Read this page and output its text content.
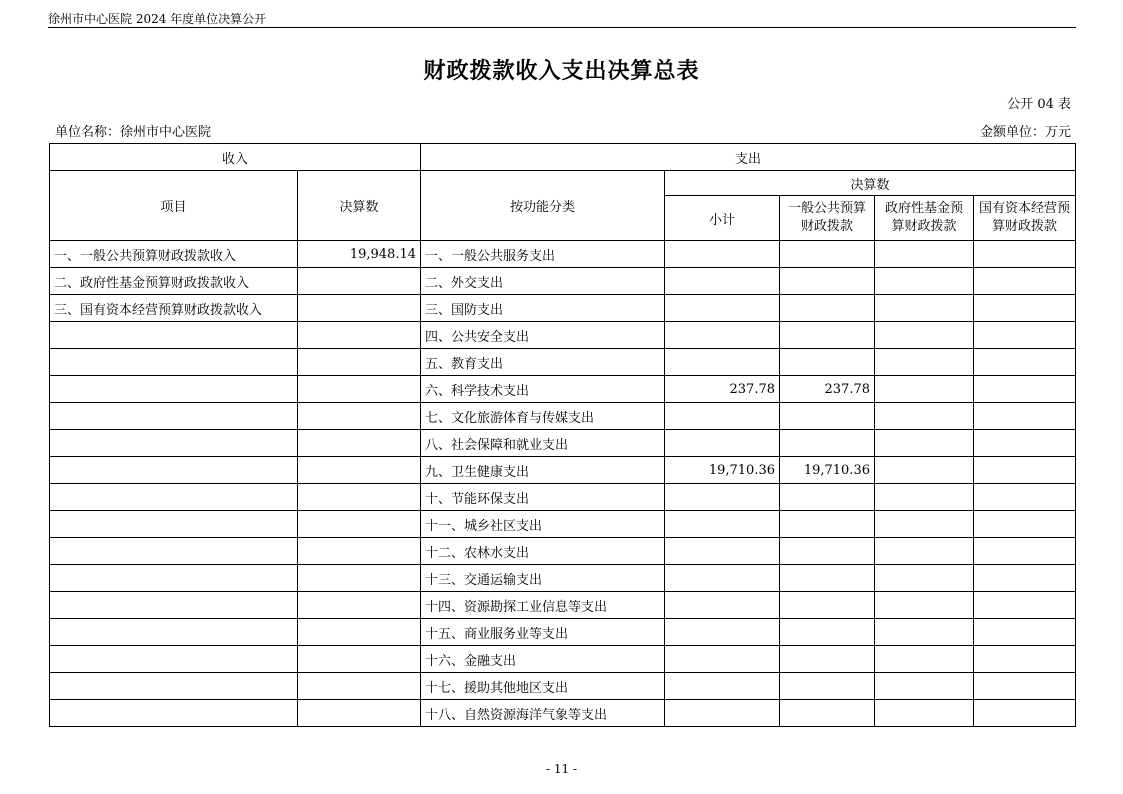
徐州市中心医院 2024 年度单位决算公开
财政拨款收入支出决算总表
公开 04 表
单位名称：徐州市中心医院	金额单位：万元
收入		支出				
项目	决算数	按功能分类	决算数			
			小计	一般公共预算财政拨款	政府性基金预算财政拨款	国有资本经营预算财政拨款
一、一般公共预算财政拨款收入	19,948.14	一、一般公共服务支出				
二、政府性基金预算财政拨款收入		二、外交支出				
三、国有资本经营预算财政拨款收入		三、国防支出				
		四、公共安全支出				
		五、教育支出				
		六、科学技术支出	237.78	237.78		
		七、文化旅游体育与传媒支出				
		八、社会保障和就业支出				
		九、卫生健康支出	19,710.36	19,710.36		
		十、节能环保支出				
		十一、城乡社区支出				
		十二、农林水支出				
		十三、交通运输支出				
		十四、资源勘探工业信息等支出				
		十五、商业服务业等支出				
		十六、金融支出				
		十七、援助其他地区支出				
		十八、自然资源海洋气象等支出				
- 11 -
